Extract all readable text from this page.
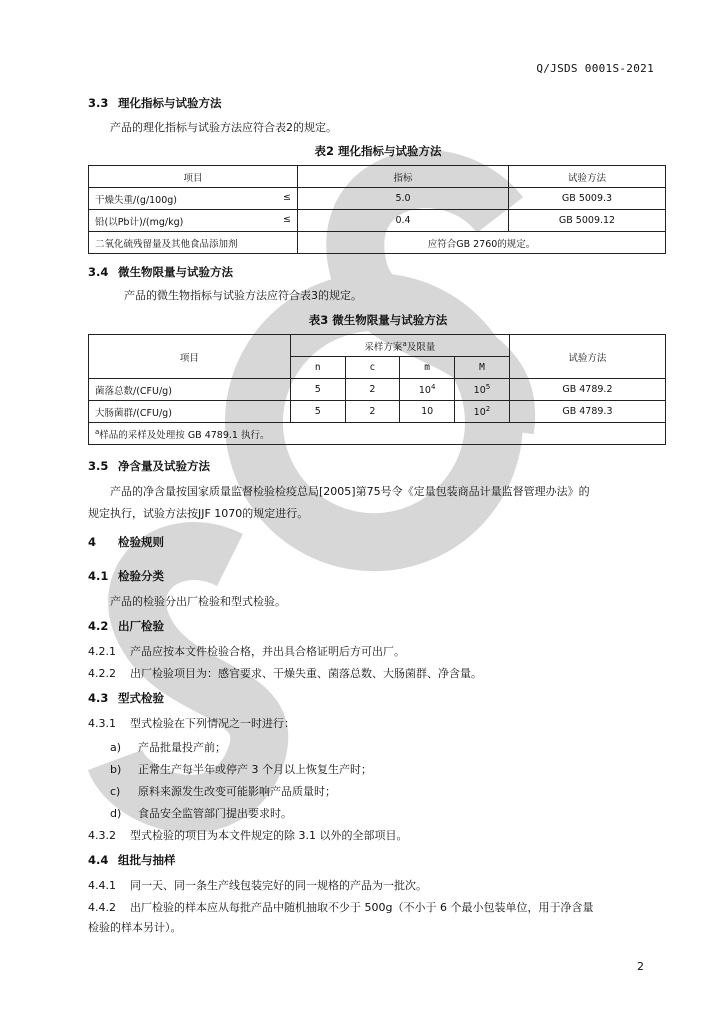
Q/JSDS 0001S-2021
3.3 理化指标与试验方法
产品的理化指标与试验方法应符合表2的规定。
表2 理化指标与试验方法
项目	指标	试验方法
干燥失重/(g/100g) ≤	5.0	GB 5009.3
铅(以Pb计)/(mg/kg) ≤	0.4	GB 5009.12
二氧化硫残留量及其他食品添加剂	应符合GB 2760的规定。	
3.4 微生物限量与试验方法
产品的微生物指标与试验方法应符合表3的规定。
表3 微生物限量与试验方法
项目	采样方案$^a$及限量				试验方法
	n	c	m	M	
菌落总数/(CFU/g)	5	2	$10^4$	$10^5$	GB 4789.2
大肠菌群/(CFU/g)	5	2	10	$10^2$	GB 4789.3
$^a$样品的采样及处理按 GB 4789.1 执行。					
3.5 净含量及试验方法
产品的净含量按国家质量监督检验检疫总局[2005]第75号令《定量包装商品计量监督管理办法》的
规定执行，试验方法按JJF 1070的规定进行。
4 检验规则
4.1 检验分类
产品的检验分出厂检验和型式检验。
4.2 出厂检验
4.2.1 产品应按本文件检验合格，并出具合格证明后方可出厂。
4.2.2 出厂检验项目为：感官要求、干燥失重、菌落总数、大肠菌群、净含量。
4.3 型式检验
4.3.1 型式检验在下列情况之一时进行：
a) 产品批量投产前；
b) 正常生产每半年或停产 3 个月以上恢复生产时；
c) 原料来源发生改变可能影响产品质量时；
d) 食品安全监管部门提出要求时。
4.3.2 型式检验的项目为本文件规定的除 3.1 以外的全部项目。
4.4 组批与抽样
4.4.1 同一天、同一条生产线包装完好的同一规格的产品为一批次。
4.4.2 出厂检验的样本应从每批产品中随机抽取不少于 500g（不小于 6 个最小包装单位，用于净含量
检验的样本另计）。
2
